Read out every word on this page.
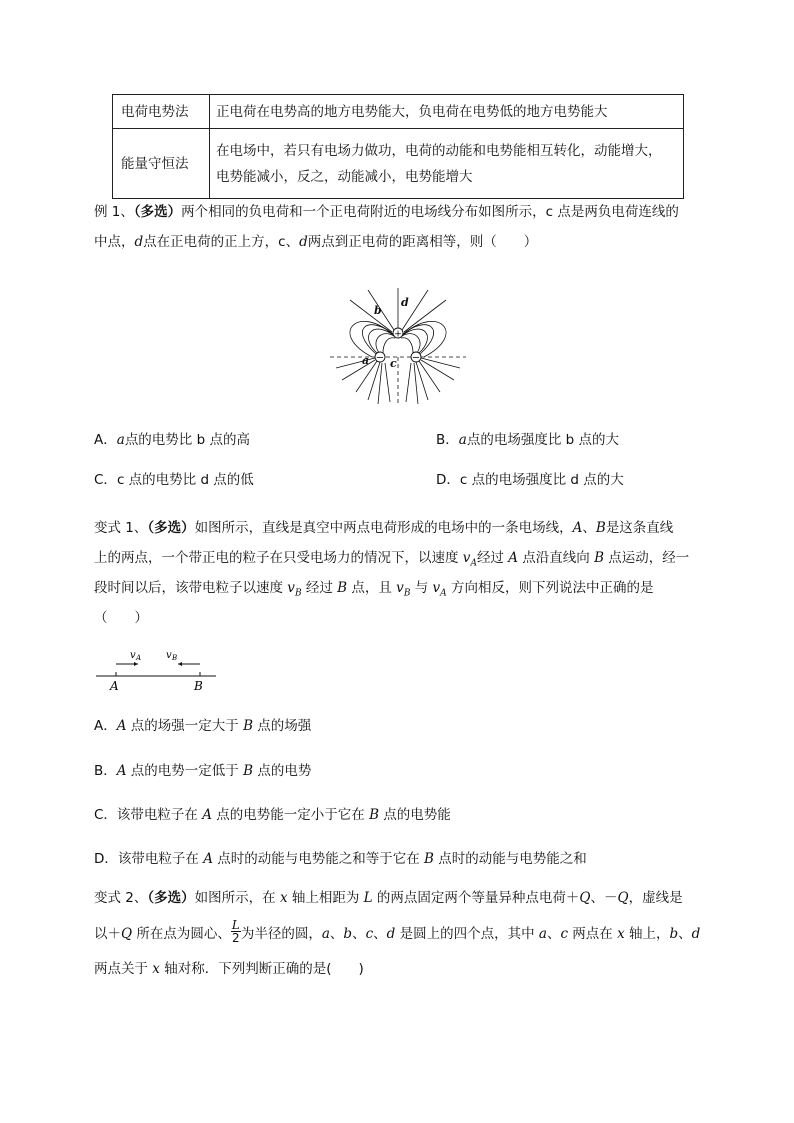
电荷电势法	正电荷在电势高的地方电势能大，负电荷在电势低的地方电势能大
能量守恒法	在电场中，若只有电场力做功，电荷的动能和电势能相互转化，动能增大，
电势能减小，反之，动能减小，电势能增大
例 1、（多选）两个相同的负电荷和一个正电荷附近的电场线分布如图所示，c 点是两负电荷连线的
中点，d点在正电荷的正上方，c、d两点到正电荷的距离相等，则（　　）
+
−	−
d
b
a c
A．a点的电势比 b 点的高	B．a点的电场强度比 b 点的大
C．c 点的电势比 d 点的低	D．c 点的电场强度比 d 点的大
变式 1、（多选）如图所示，直线是真空中两点电荷形成的电场中的一条电场线，A、B是这条直线
上的两点，一个带正电的粒子在只受电场力的情况下，以速度 $v_A$经过 A 点沿直线向 B 点运动，经一
段时间以后，该带电粒子以速度 $v_B$ 经过 B 点，且 $v_B$ 与 $v_A$ 方向相反，则下列说法中正确的是
（　　）
v A v B
A	B
A．A 点的场强一定大于 B 点的场强
B．A 点的电势一定低于 B 点的电势
C．该带电粒子在 A 点的电势能一定小于它在 B 点的电势能
D．该带电粒子在 A 点时的动能与电势能之和等于它在 B 点时的动能与电势能之和
变式 2、（多选）如图所示，在 x 轴上相距为 L 的两点固定两个等量异种点电荷＋Q、－Q，虚线是
以＋Q 所在点为圆心、 $\frac{L}{2}$ 为半径的圆，a、b、c、d 是圆上的四个点，其中 a、c 两点在 x 轴上，b、d
两点关于 x 轴对称．下列判断正确的是(　　)
